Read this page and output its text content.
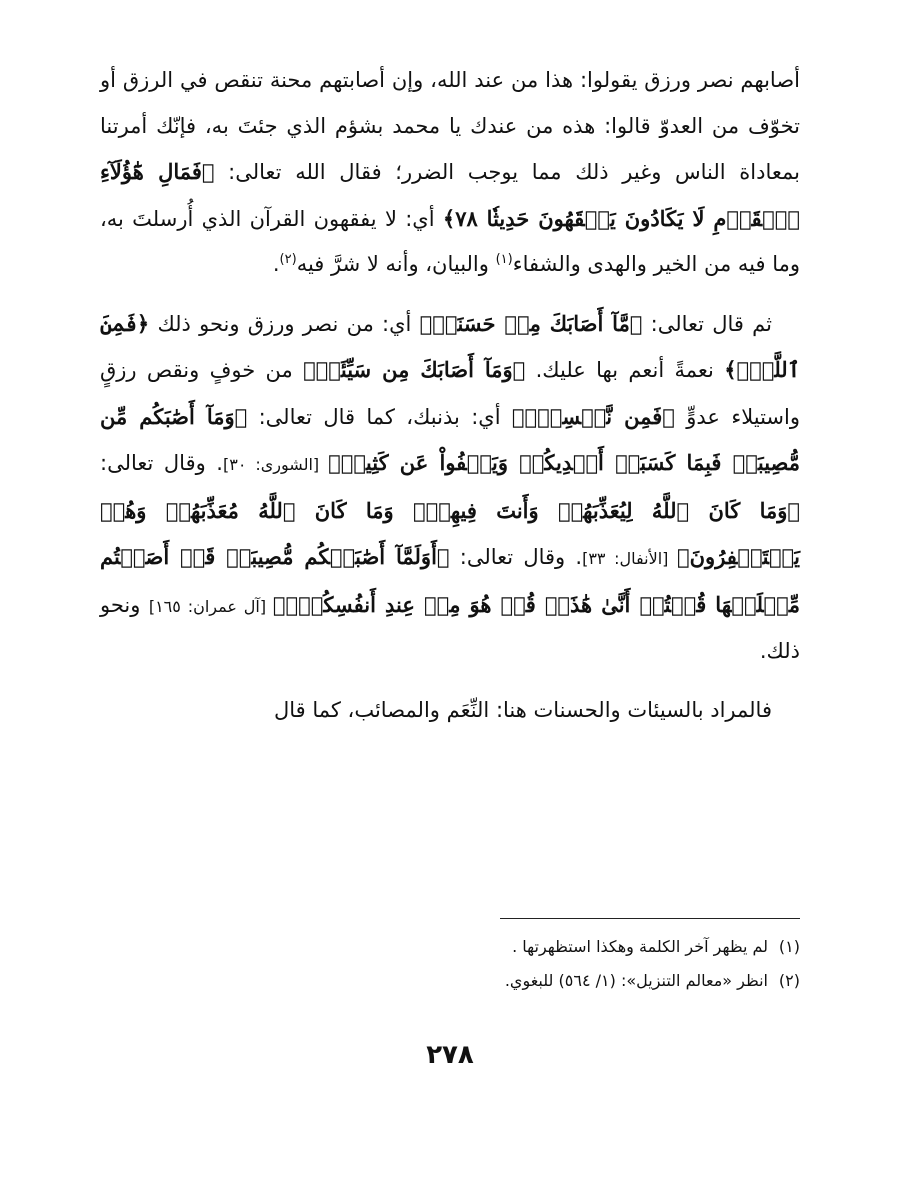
أصابهم نصر ورزق يقولوا: هذا من عند الله، وإن أصابتهم محنة تنقص في الرزق أو تخوّف من العدوّ قالوا: هذه من عندك يا محمد بشؤم الذي جئتَ به، فإنّك أمرتنا بمعاداة الناس وغير ذلك مما يوجب الضرر؛ فقال الله تعالى: ﴿فَمَالِ هَٰٓؤُلَآءِ ٱلۡقَوۡمِ لَا يَكَادُونَ يَفۡقَهُونَ حَدِيثٗا ٧٨﴾ أي: لا يفقهون القرآن الذي أُرسلتَ به، وما فيه من الخير والهدى والشفاء$^{(١)}$ والبيان، وأنه لا شرَّ فيه$^{(٢)}$.

ثم قال تعالى: ﴿مَّآ أَصَابَكَ مِنۡ حَسَنَةٖ﴾ أي: من نصر ورزق ونحو ذلك ﴿فَمِنَ ٱللَّهِۖ﴾ نعمةً أنعم بها عليك. ﴿وَمَآ أَصَابَكَ مِن سَيِّئَةٖ﴾ من خوفٍ ونقص رزقٍ واستيلاء عدوٍّ ﴿فَمِن نَّفۡسِكَۚ﴾ أي: بذنبك، كما قال تعالى: ﴿وَمَآ أَصَٰبَكُم مِّن مُّصِيبَةٖ فَبِمَا كَسَبَتۡ أَيۡدِيكُمۡ وَيَعۡفُواْ عَن كَثِيرٖ﴾ [الشورى: ٣٠]. وقال تعالى: ﴿وَمَا كَانَ ٱللَّهُ لِيُعَذِّبَهُمۡ وَأَنتَ فِيهِمۡۚ وَمَا كَانَ ٱللَّهُ مُعَذِّبَهُمۡ وَهُمۡ يَسۡتَغۡفِرُونَ﴾ [الأنفال: ٣٣]. وقال تعالى: ﴿أَوَلَمَّآ أَصَٰبَتۡكُم مُّصِيبَةٞ قَدۡ أَصَبۡتُم مِّثۡلَيۡهَا قُلۡتُمۡ أَنَّىٰ هَٰذَاۖ قُلۡ هُوَ مِنۡ عِندِ أَنفُسِكُمۡۗ﴾ [آل عمران: ١٦٥] ونحو ذلك.

فالمراد بالسيئات والحسنات هنا: النِّعَم والمصائب، كما قال

(١)لم يظهر آخر الكلمة وهكذا استظهرتها .

(٢)انظر «معالم التنزيل»: (١/ ٥٦٤) للبغوي.

٢٧٨
